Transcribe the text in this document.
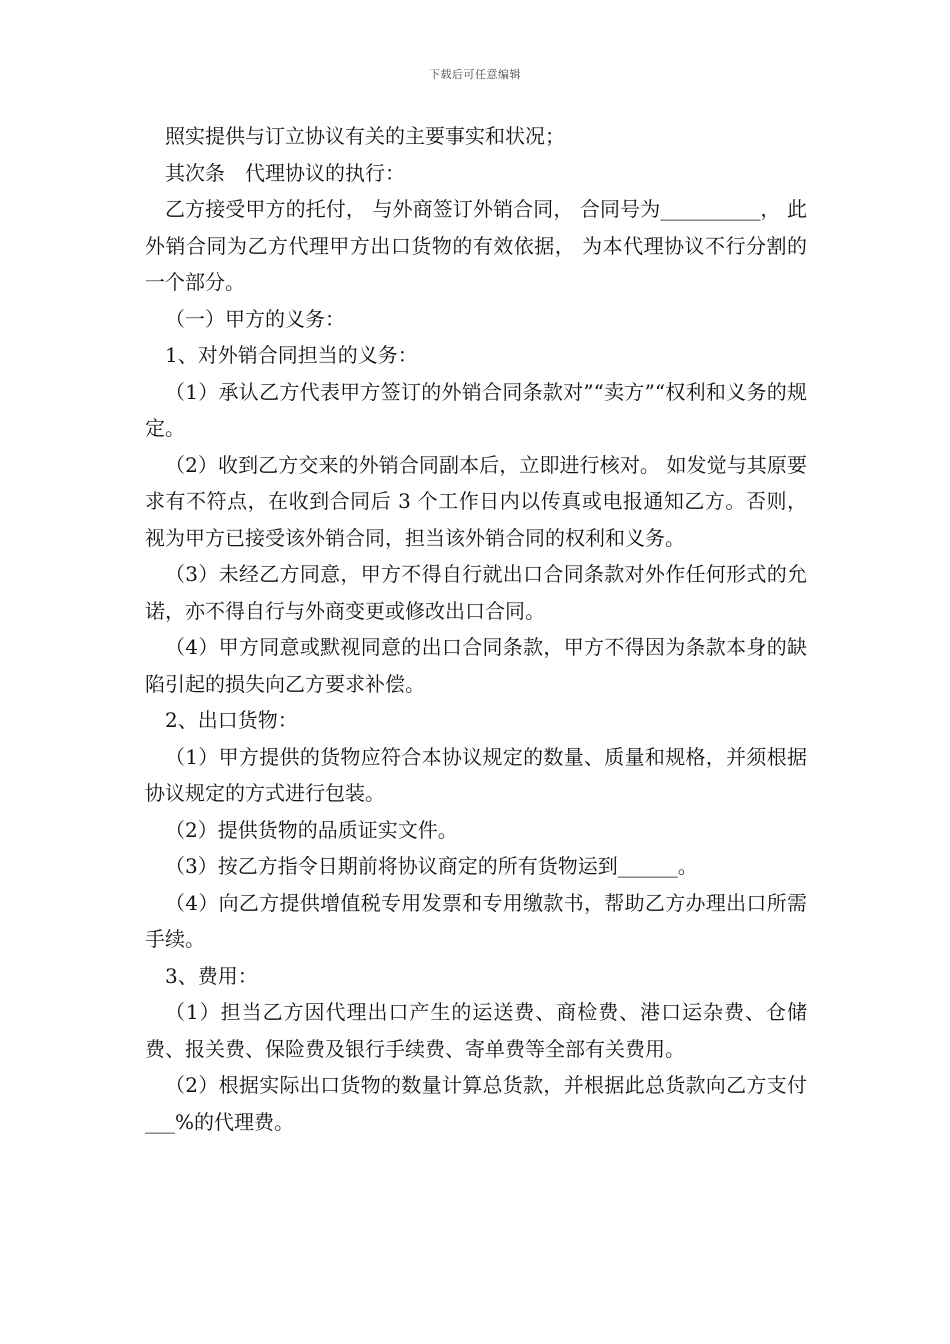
下载后可任意编辑

照实提供与订立协议有关的主要事实和状况；

其次条　代理协议的执行：

乙方接受甲方的托付， 与外商签订外销合同， 合同号为__________， 此外销合同为乙方代理甲方出口货物的有效依据， 为本代理协议不行分割的一个部分。

（一）甲方的义务：

1、对外销合同担当的义务：

（1）承认乙方代表甲方签订的外销合同条款对”“卖方”“权利和义务的规定。

（2）收到乙方交来的外销合同副本后，立即进行核对。 如发觉与其原要求有不符点，在收到合同后 3 个工作日内以传真或电报通知乙方。否则，视为甲方已接受该外销合同，担当该外销合同的权利和义务。

（3）未经乙方同意，甲方不得自行就出口合同条款对外作任何形式的允诺，亦不得自行与外商变更或修改出口合同。

（4）甲方同意或默视同意的出口合同条款，甲方不得因为条款本身的缺陷引起的损失向乙方要求补偿。

2、出口货物：

（1）甲方提供的货物应符合本协议规定的数量、质量和规格，并须根据协议规定的方式进行包装。

（2）提供货物的品质证实文件。

（3）按乙方指令日期前将协议商定的所有货物运到______。

（4）向乙方提供增值税专用发票和专用缴款书，帮助乙方办理出口所需手续。

3、费用：

（1）担当乙方因代理出口产生的运送费、商检费、港口运杂费、仓储费、报关费、保险费及银行手续费、寄单费等全部有关费用。

（2）根据实际出口货物的数量计算总货款，并根据此总货款向乙方支付___%的代理费。
